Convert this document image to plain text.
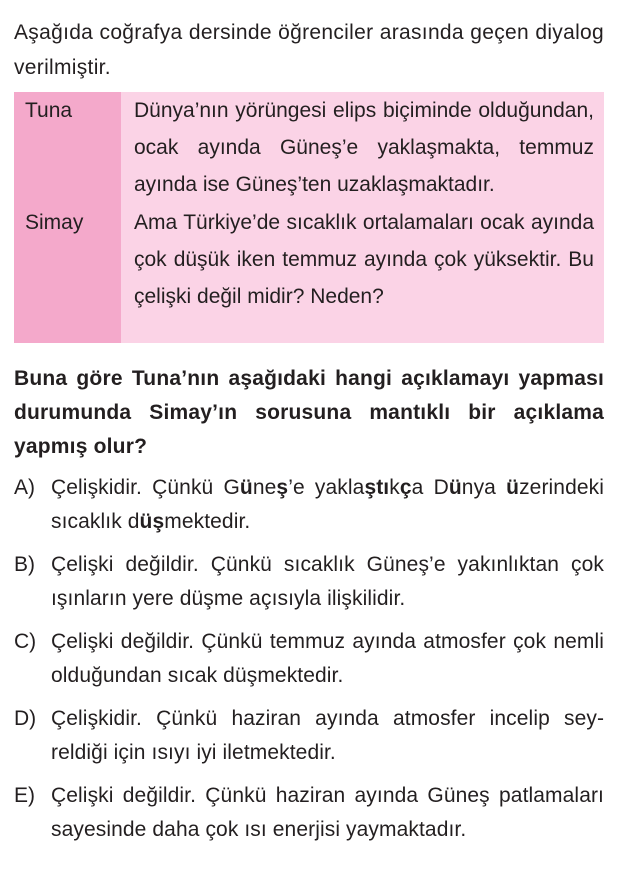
Aşağıda coğrafya dersinde öğrenciler arasında geçen diyalog verilmiştir.
Tuna	Dünya’nın yörüngesi elips biçiminde olduğundan, ocak ayında Güneş’e yaklaşmakta, temmuz ayında ise Güneş’ten uzaklaşmaktadır.
Simay	Ama Türkiye’de sıcaklık ortalamaları ocak ayında çok düşük iken temmuz ayında çok yüksektir. Bu çelişki değil midir? Neden?
Buna göre Tuna’nın aşağıdaki hangi açıklamayı yapması durumunda Simay’ın sorusuna mantıklı bir açıklama yapmış olur?
A) Çelişkidir. Çünkü Güneş’e yaklaştıkça Dünya üzerindeki sıcaklık düşmektedir.
B) Çelişki değildir. Çünkü sıcaklık Güneş’e yakınlıktan çok ışınların yere düşme açısıyla ilişkilidir.
C) Çelişki değildir. Çünkü temmuz ayında atmosfer çok nemli olduğundan sıcak düşmektedir.
D) Çelişkidir. Çünkü haziran ayında atmosfer incelip seyreldiği için ısıyı iyi iletmektedir.
E) Çelişki değildir. Çünkü haziran ayında Güneş patlamaları sayesinde daha çok ısı enerjisi yaymaktadır.
